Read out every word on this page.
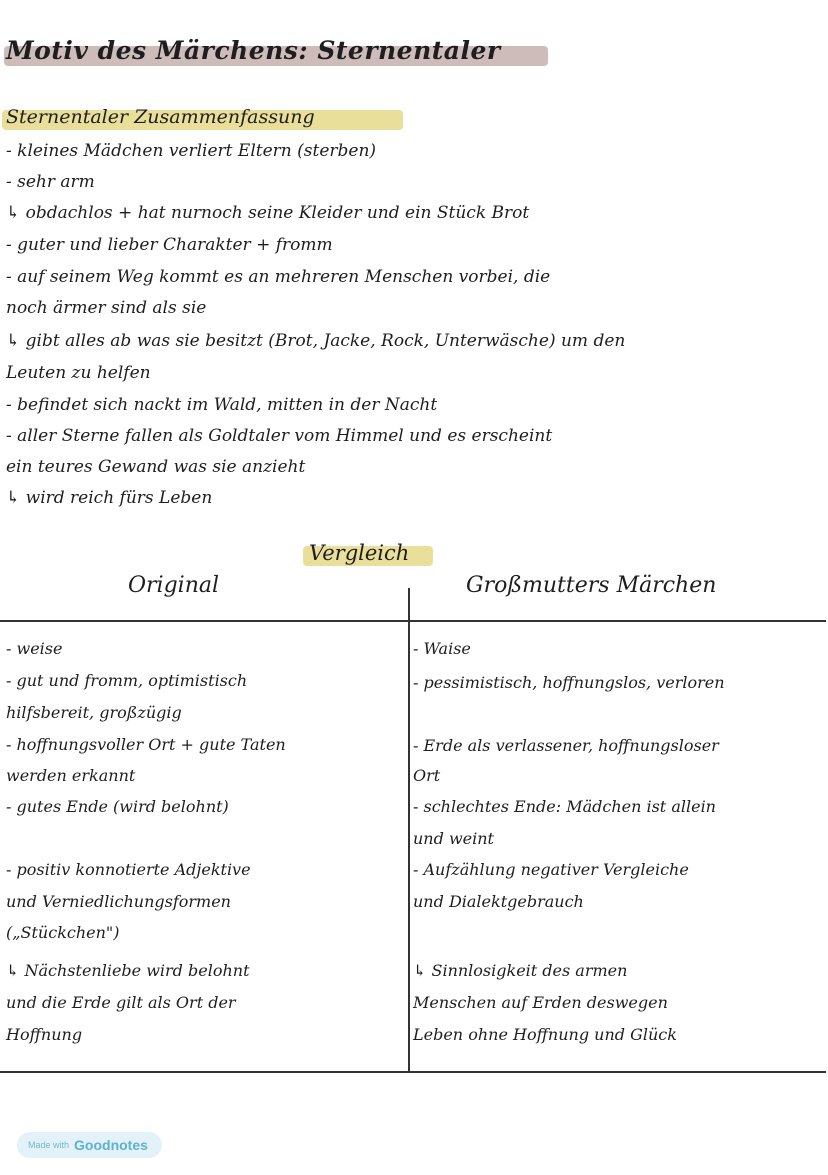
Motiv des Märchens: Sternentaler
Sternentaler Zusammenfassung
- kleines Mädchen verliert Eltern (sterben)
- sehr arm
↳ obdachlos + hat nurnoch seine Kleider und ein Stück Brot
- guter und lieber Charakter + fromm
- auf seinem Weg kommt es an mehreren Menschen vorbei, die
noch ärmer sind als sie
↳ gibt alles ab was sie besitzt (Brot, Jacke, Rock, Unterwäsche) um den
Leuten zu helfen
- befindet sich nackt im Wald, mitten in der Nacht
- aller Sterne fallen als Goldtaler vom Himmel und es erscheint
ein teures Gewand was sie anzieht
↳ wird reich fürs Leben
Vergleich
Original	Großmutters Märchen
- weise
- gut und fromm, optimistisch
hilfsbereit, großzügig
- hoffnungsvoller Ort + gute Taten
werden erkannt
- gutes Ende (wird belohnt)
- positiv konnotierte Adjektive
und Verniedlichungsformen
(„Stückchen")
↳ Nächstenliebe wird belohnt
und die Erde gilt als Ort der
Hoffnung
- Waise
- pessimistisch, hoffnungslos, verloren
- Erde als verlassener, hoffnungsloser
Ort
- schlechtes Ende: Mädchen ist allein
und weint
- Aufzählung negativer Vergleiche
und Dialektgebrauch
↳ Sinnlosigkeit des armen
Menschen auf Erden deswegen
Leben ohne Hoffnung und Glück
Made with Goodnotes
